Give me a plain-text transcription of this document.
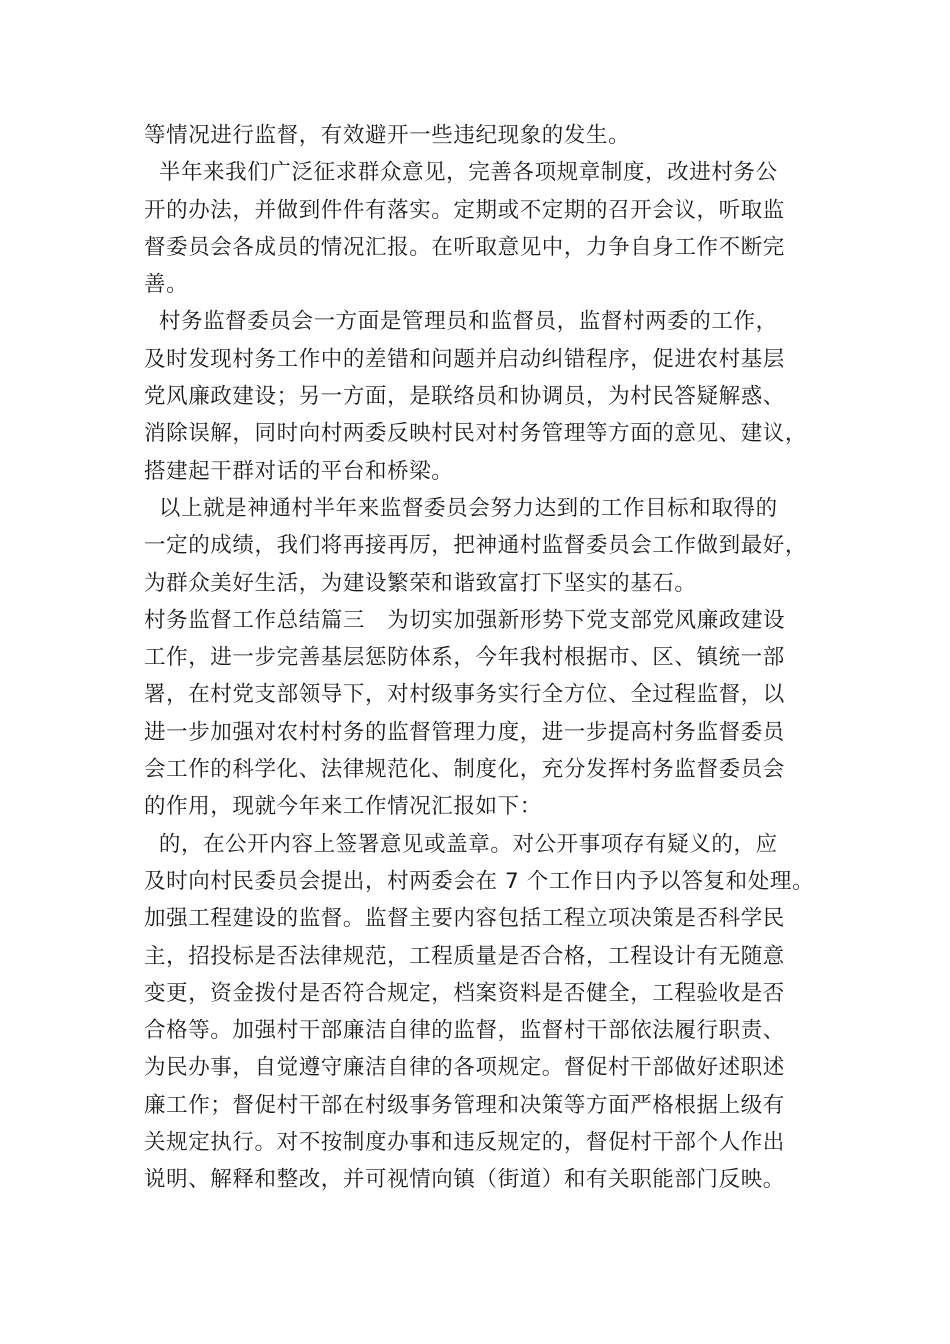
等情况进行监督，有效避开一些违纪现象的发生。
半年来我们广泛征求群众意见，完善各项规章制度，改进村务公
开的办法，并做到件件有落实。定期或不定期的召开会议，听取监
督委员会各成员的情况汇报。在听取意见中，力争自身工作不断完
善。
村务监督委员会一方面是管理员和监督员，监督村两委的工作，
及时发现村务工作中的差错和问题并启动纠错程序，促进农村基层
党风廉政建设；另一方面，是联络员和协调员，为村民答疑解惑、
消除误解，同时向村两委反映村民对村务管理等方面的意见、建议，
搭建起干群对话的平台和桥梁。
以上就是神通村半年来监督委员会努力达到的工作目标和取得的
一定的成绩，我们将再接再厉，把神通村监督委员会工作做到最好，
为群众美好生活，为建设繁荣和谐致富打下坚实的基石。
村务监督工作总结篇三   为切实加强新形势下党支部党风廉政建设
工作，进一步完善基层惩防体系，今年我村根据市、区、镇统一部
署，在村党支部领导下，对村级事务实行全方位、全过程监督，以
进一步加强对农村村务的监督管理力度，进一步提高村务监督委员
会工作的科学化、法律规范化、制度化，充分发挥村务监督委员会
的作用，现就今年来工作情况汇报如下：
的，在公开内容上签署意见或盖章。对公开事项存有疑义的，应
及时向村民委员会提出，村两委会在 7 个工作日内予以答复和处理。
加强工程建设的监督。监督主要内容包括工程立项决策是否科学民
主，招投标是否法律规范，工程质量是否合格，工程设计有无随意
变更，资金拨付是否符合规定，档案资料是否健全，工程验收是否
合格等。加强村干部廉洁自律的监督，监督村干部依法履行职责、
为民办事，自觉遵守廉洁自律的各项规定。督促村干部做好述职述
廉工作；督促村干部在村级事务管理和决策等方面严格根据上级有
关规定执行。对不按制度办事和违反规定的，督促村干部个人作出
说明、解释和整改，并可视情向镇（街道）和有关职能部门反映。
